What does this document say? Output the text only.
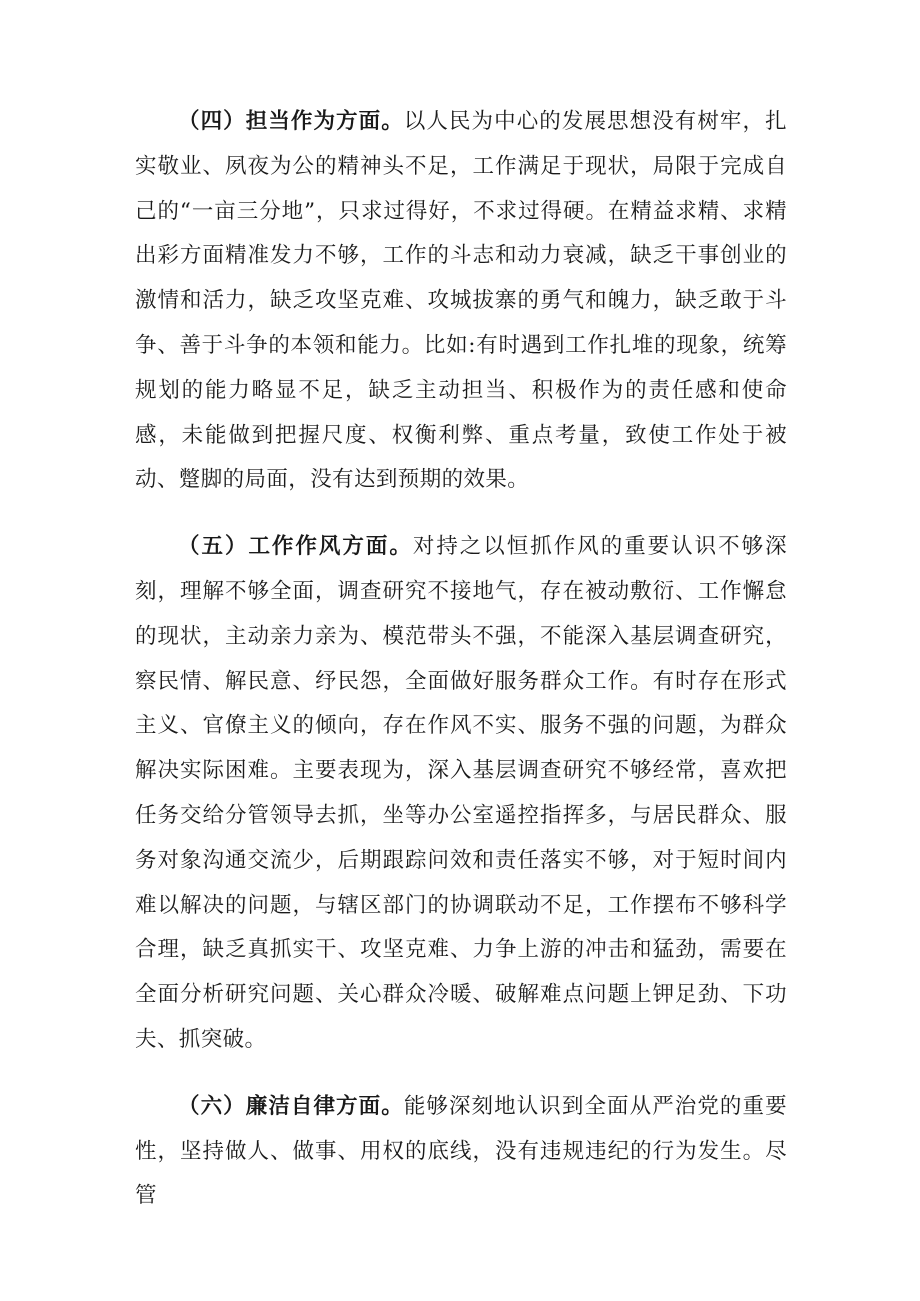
（四）担当作为方面。以人民为中心的发展思想没有树牢，扎实敬业、夙夜为公的精神头不足，工作满足于现状，局限于完成自己的“一亩三分地”，只求过得好，不求过得硬。在精益求精、求精出彩方面精准发力不够，工作的斗志和动力衰减，缺乏干事创业的激情和活力，缺乏攻坚克难、攻城拔寨的勇气和魄力，缺乏敢于斗争、善于斗争的本领和能力。比如:有时遇到工作扎堆的现象，统筹规划的能力略显不足，缺乏主动担当、积极作为的责任感和使命感，未能做到把握尺度、权衡利弊、重点考量，致使工作处于被动、蹩脚的局面，没有达到预期的效果。

（五）工作作风方面。对持之以恒抓作风的重要认识不够深刻，理解不够全面，调查研究不接地气，存在被动敷衍、工作懈怠的现状，主动亲力亲为、模范带头不强，不能深入基层调查研究，察民情、解民意、纾民怨，全面做好服务群众工作。有时存在形式主义、官僚主义的倾向，存在作风不实、服务不强的问题，为群众解决实际困难。主要表现为，深入基层调查研究不够经常，喜欢把任务交给分管领导去抓，坐等办公室遥控指挥多，与居民群众、服务对象沟通交流少，后期跟踪问效和责任落实不够，对于短时间内难以解决的问题，与辖区部门的协调联动不足，工作摆布不够科学合理，缺乏真抓实干、攻坚克难、力争上游的冲击和猛劲，需要在全面分析研究问题、关心群众冷暖、破解难点问题上钾足劲、下功夫、抓突破。

（六）廉洁自律方面。能够深刻地认识到全面从严治党的重要性，坚持做人、做事、用权的底线，没有违规违纪的行为发生。尽管
